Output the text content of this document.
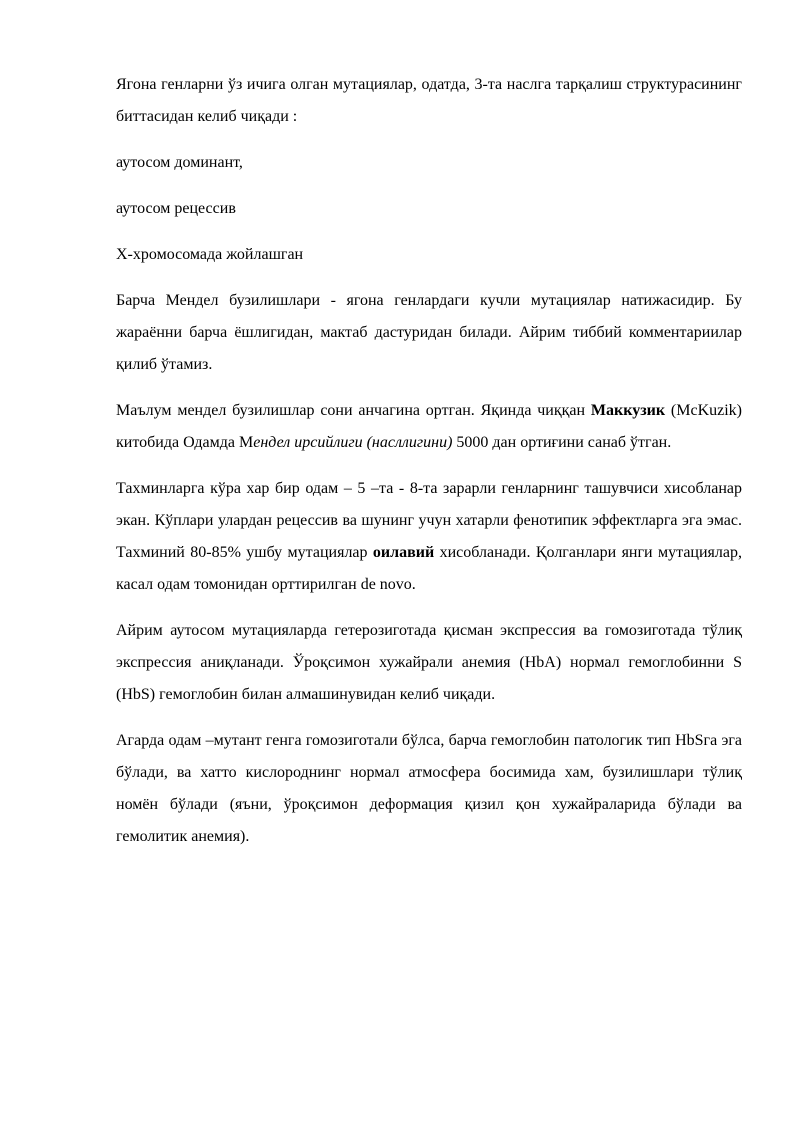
Ягона генларни ўз ичига олган мутациялар, одатда, 3-та наслга тарқалиш структурасининг биттасидан келиб чиқади :

аутосом доминант,

аутосом рецессив

Х-хромосомада жойлашган

Барча Мендел бузилишлари - ягона генлардаги кучли мутациялар натижасидир. Бу жараённи барча ёшлигидан, мактаб дастуридан билади. Айрим тиббий комментариилар қилиб ўтамиз.

Маълум мендел бузилишлар сони анчагина ортган. Яқинда чиққан Маккузик (McKuzik) китобида Одамда Мендел ирсийлиги (насллигини) 5000 дан ортиғини санаб ўтган.

Тахминларга кўра хар бир одам – 5 –та - 8-та зарарли генларнинг ташувчиси хисобланар экан. Кўплари улардан рецессив ва шунинг учун хатарли фенотипик эффектларга эга эмас. Тахминий 80-85% ушбу мутациялар оилавий хисобланади. Қолганлари янги мутациялар, касал одам томонидан орттирилган de novo.

Айрим аутосом мутацияларда гетерозиготада қисман экспрессия ва гомозиготада тўлиқ экспрессия аниқланади. Ўроқсимон хужайрали анемия (HbA) нормал гемоглобинни S (HbS) гемоглобин билан алмашинувидан келиб чиқади.

Агарда одам –мутант генга гомозиготали бўлса, барча гемоглобин патологик тип HbSга эга бўлади, ва хатто кислороднинг нормал атмосфера босимида хам, бузилишлари тўлиқ номён бўлади (яъни, ўроқсимон деформация қизил қон хужайраларида бўлади ва гемолитик анемия).
